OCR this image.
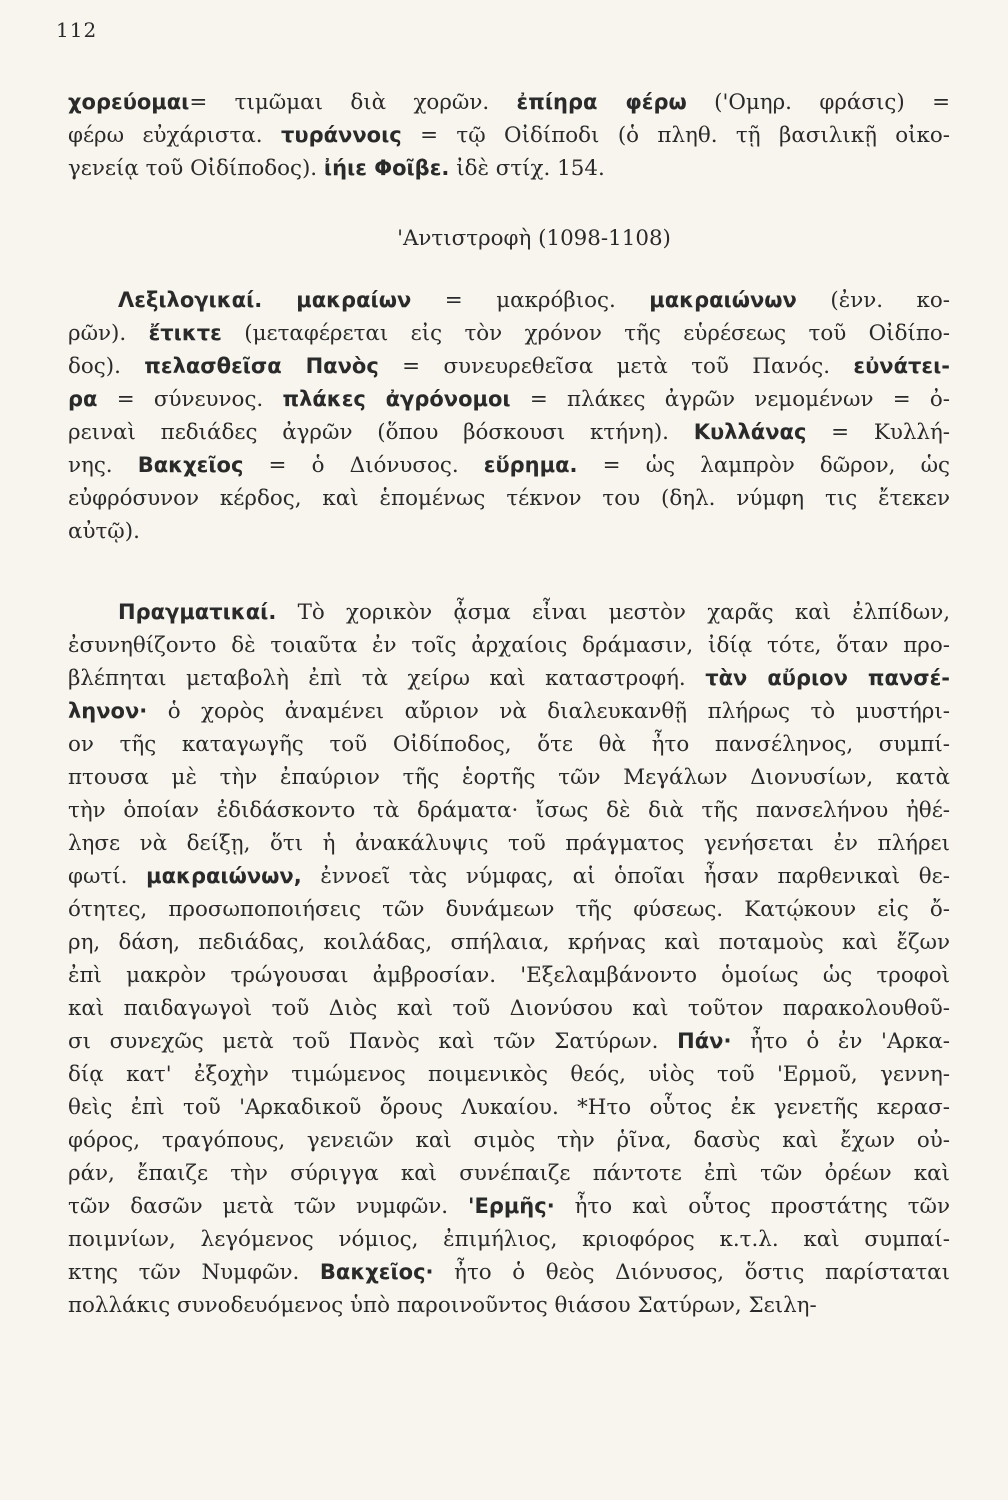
112
χορεύομαι= τιμῶμαι διὰ χορῶν. ἐπίηρα φέρω ('Ομηρ. φράσις) =
φέρω εὐχάριστα. τυράννοις = τῷ Οἰδίποδι (ὁ πληθ. τῇ βασιλικῇ οἰκο-
γενείᾳ τοῦ Οἰδίποδος). ἰήιε Φοῖβε. ἰδὲ στίχ. 154.
'Αντιστροφὴ (1098-1108)
Λεξιλογικαί. μακραίων = μακρόβιος. μακραιώνων (ἐνν. κο-
ρῶν). ἔτικτε (μεταφέρεται εἰς τὸν χρόνον τῆς εὑρέσεως τοῦ Οἰδίπο-
δος). πελασθεῖσα Πανὸς = συνευρεθεῖσα μετὰ τοῦ Πανός. εὐνάτει-
ρα = σύνευνος. πλάκες ἀγρόνομοι = πλάκες ἀγρῶν νεμομένων = ὀ-
ρειναὶ πεδιάδες ἀγρῶν (ὅπου βόσκουσι κτήνη). Κυλλάνας = Κυλλή-
νης. Βακχεῖος = ὁ Διόνυσος. εὕρημα. = ὡς λαμπρὸν δῶρον, ὡς
εὐφρόσυνον κέρδος, καὶ ἑπομένως τέκνον του (δηλ. νύμφη τις ἔτεκεν
αὐτῷ).
Πραγματικαί. Τὸ χορικὸν ᾆσμα εἶναι μεστὸν χαρᾶς καὶ ἐλπίδων,
ἐσυνηθίζοντο δὲ τοιαῦτα ἐν τοῖς ἀρχαίοις δράμασιν, ἰδίᾳ τότε, ὅταν προ-
βλέπηται μεταβολὴ ἐπὶ τὰ χείρω καὶ καταστροφή. τὰν αὔριον πανσέ-
ληνον· ὁ χορὸς ἀναμένει αὔριον νὰ διαλευκανθῇ πλήρως τὸ μυστήρι-
ον τῆς καταγωγῆς τοῦ Οἰδίποδος, ὅτε θὰ ἦτο πανσέληνος, συμπί-
πτουσα μὲ τὴν ἐπαύριον τῆς ἑορτῆς τῶν Μεγάλων Διονυσίων, κατὰ
τὴν ὁποίαν ἐδιδάσκοντο τὰ δράματα· ἴσως δὲ διὰ τῆς πανσελήνου ἠθέ-
λησε νὰ δείξῃ, ὅτι ἡ ἀνακάλυψις τοῦ πράγματος γενήσεται ἐν πλήρει
φωτί. μακραιώνων, ἐννοεῖ τὰς νύμφας, αἱ ὁποῖαι ἦσαν παρθενικαὶ θε-
ότητες, προσωποποιήσεις τῶν δυνάμεων τῆς φύσεως. Κατῴκουν εἰς ὄ-
ρη, δάση, πεδιάδας, κοιλάδας, σπήλαια, κρήνας καὶ ποταμοὺς καὶ ἔζων
ἐπὶ μακρὸν τρώγουσαι ἀμβροσίαν. 'Εξελαμβάνοντο ὁμοίως ὡς τροφοὶ
καὶ παιδαγωγοὶ τοῦ Διὸς καὶ τοῦ Διονύσου καὶ τοῦτον παρακολουθοῦ-
σι συνεχῶς μετὰ τοῦ Πανὸς καὶ τῶν Σατύρων. Πάν· ἦτο ὁ ἐν 'Αρκα-
δίᾳ κατ' ἐξοχὴν τιμώμενος ποιμενικὸς θεός, υἱὸς τοῦ 'Ερμοῦ, γεννη-
θεὶς ἐπὶ τοῦ 'Αρκαδικοῦ ὄρους Λυκαίου. *Ητο οὗτος ἐκ γενετῆς κερασ-
φόρος, τραγόπους, γενειῶν καὶ σιμὸς τὴν ῥῖνα, δασὺς καὶ ἔχων οὐ-
ράν, ἔπαιζε τὴν σύριγγα καὶ συνέπαιζε πάντοτε ἐπὶ τῶν ὀρέων καὶ
τῶν δασῶν μετὰ τῶν νυμφῶν. 'Ερμῆς· ἦτο καὶ οὗτος προστάτης τῶν
ποιμνίων, λεγόμενος νόμιος, ἐπιμήλιος, κριοφόρος κ.τ.λ. καὶ συμπαί-
κτης τῶν Νυμφῶν. Βακχεῖος· ἦτο ὁ θεὸς Διόνυσος, ὅστις παρίσταται
πολλάκις συνοδευόμενος ὑπὸ παροινοῦντος θιάσου Σατύρων, Σειλη-
